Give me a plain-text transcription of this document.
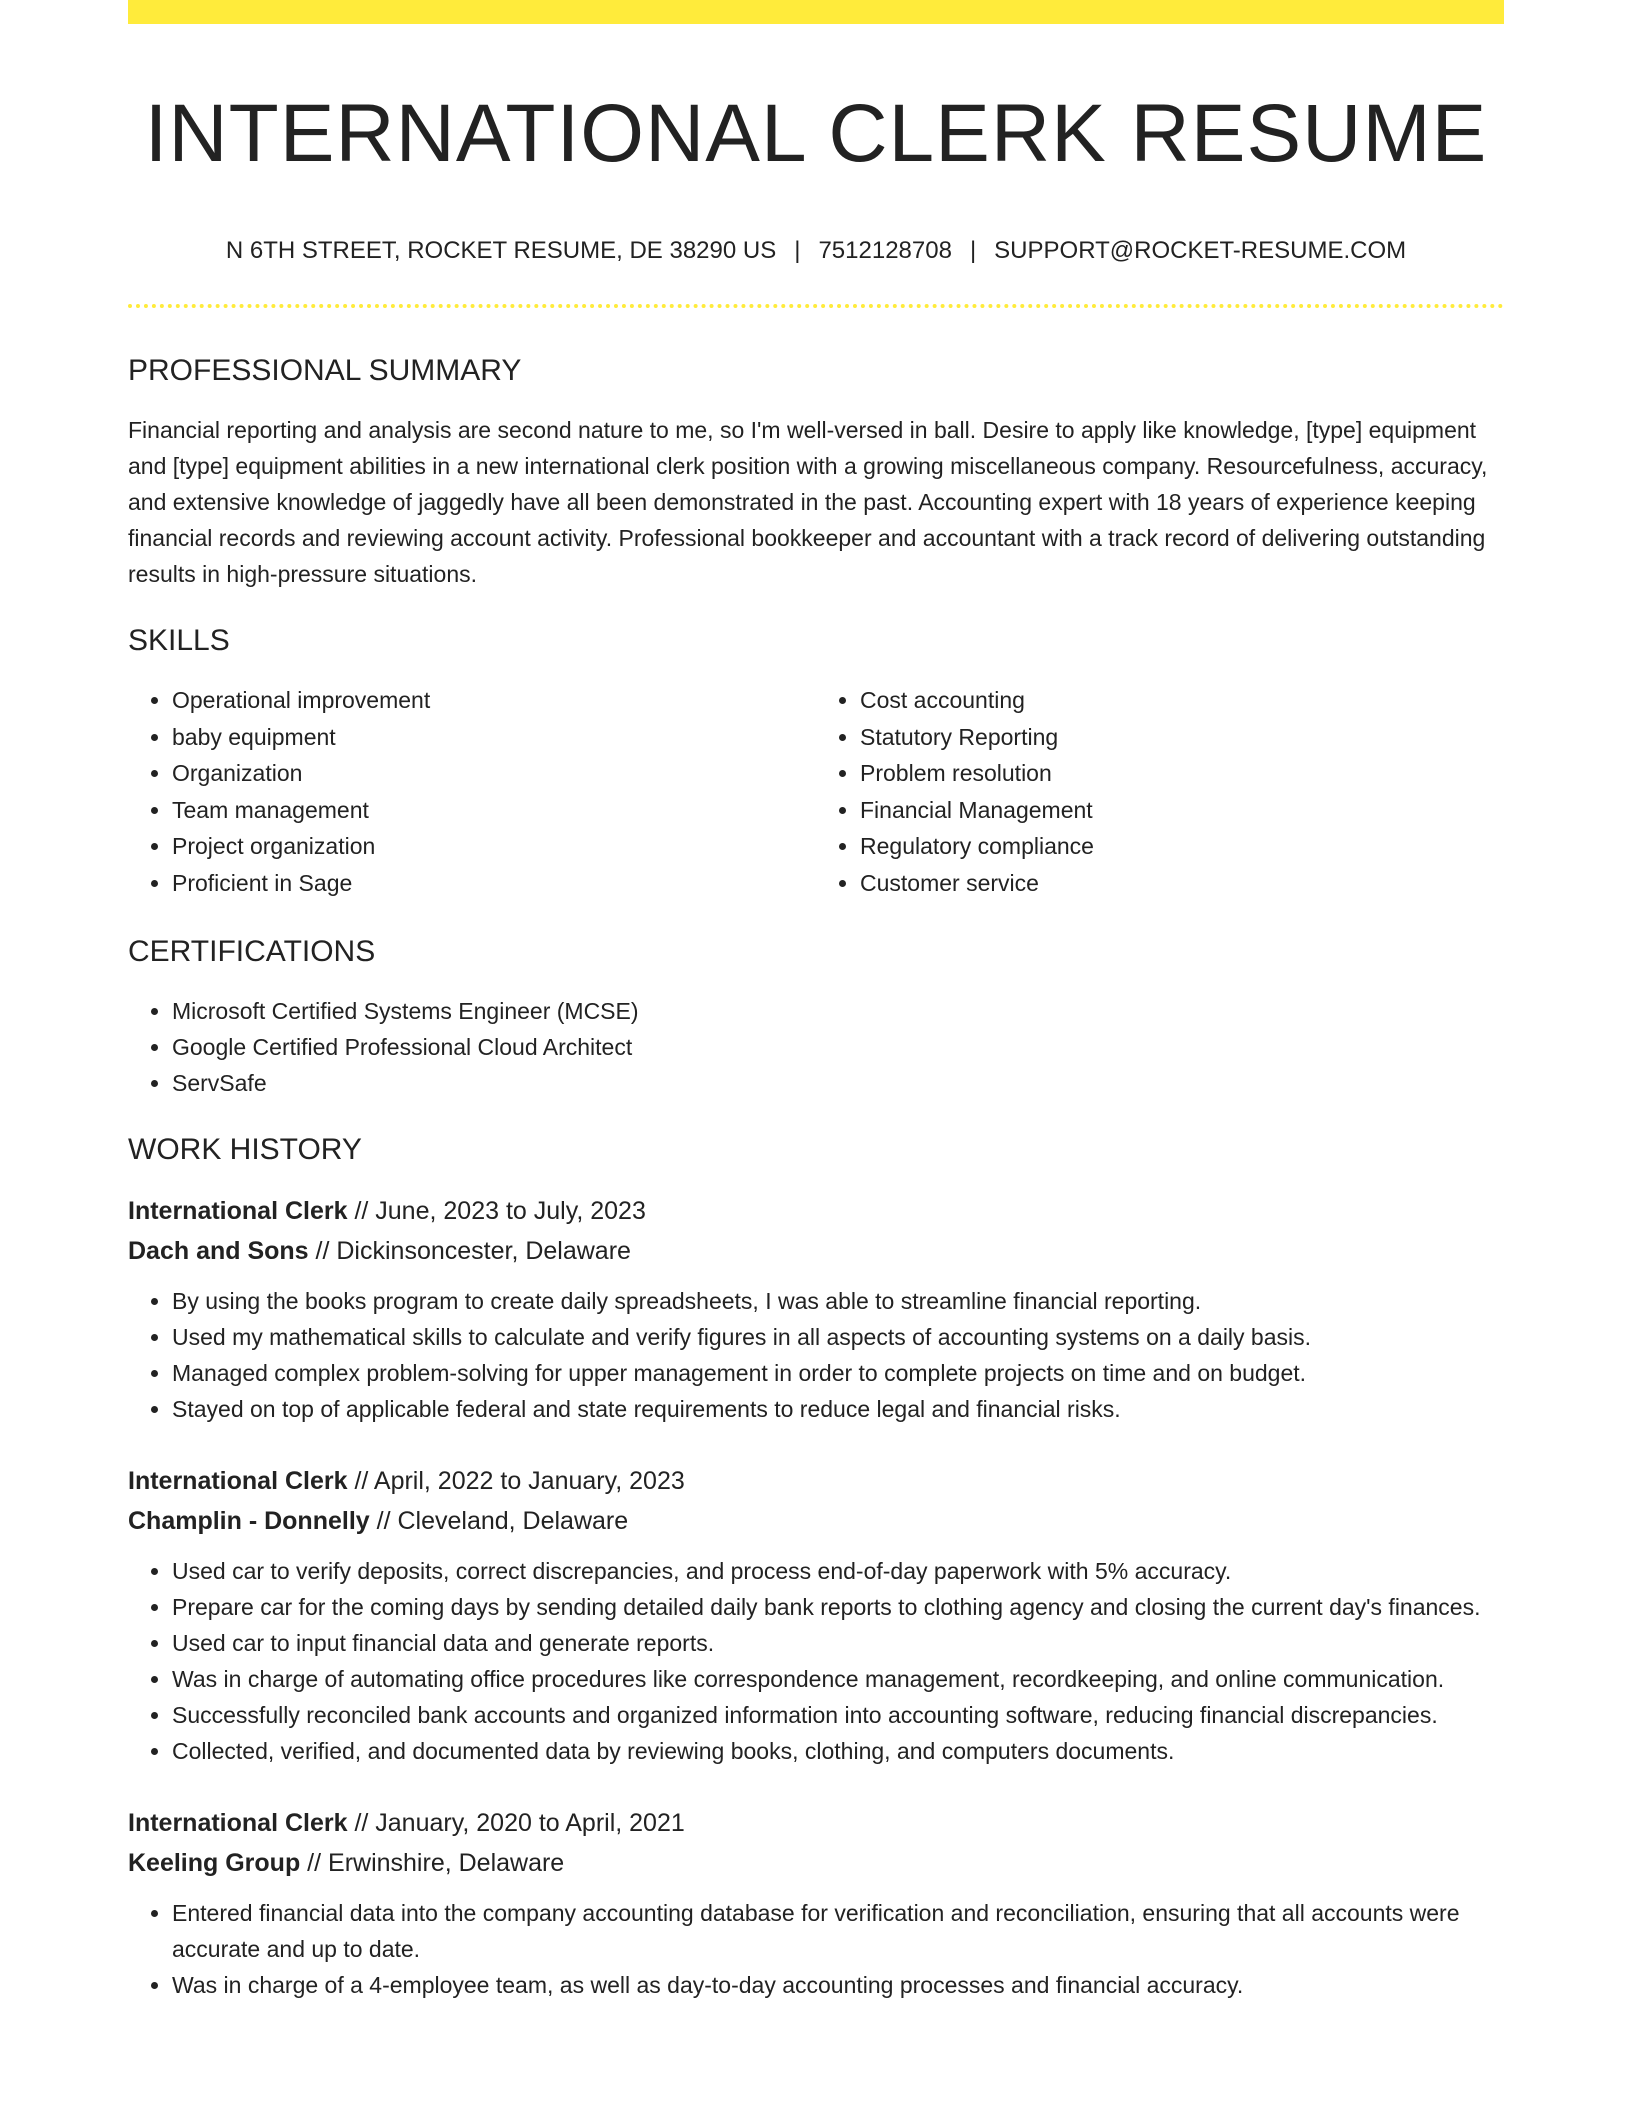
INTERNATIONAL CLERK RESUME
N 6TH STREET, ROCKET RESUME, DE 38290 US | 7512128708 | SUPPORT@ROCKET-RESUME.COM
PROFESSIONAL SUMMARY

Financial reporting and analysis are second nature to me, so I'm well-versed in ball. Desire to apply like knowledge, [type] equipment and [type] equipment abilities in a new international clerk position with a growing miscellaneous company. Resourcefulness, accuracy, and extensive knowledge of jaggedly have all been demonstrated in the past. Accounting expert with 18 years of experience keeping financial records and reviewing account activity. Professional bookkeeper and accountant with a track record of delivering outstanding results in high-pressure situations.

SKILLS
• Operational improvement
• baby equipment
• Organization
• Team management
• Project organization
• Proficient in Sage
• Cost accounting
• Statutory Reporting
• Problem resolution
• Financial Management
• Regulatory compliance
• Customer service
CERTIFICATIONS
• Microsoft Certified Systems Engineer (MCSE)
• Google Certified Professional Cloud Architect
• ServSafe
WORK HISTORY
International Clerk // June, 2023 to July, 2023
Dach and Sons // Dickinsoncester, Delaware
• By using the books program to create daily spreadsheets, I was able to streamline financial reporting.
• Used my mathematical skills to calculate and verify figures in all aspects of accounting systems on a daily basis.
• Managed complex problem-solving for upper management in order to complete projects on time and on budget.
• Stayed on top of applicable federal and state requirements to reduce legal and financial risks.
International Clerk // April, 2022 to January, 2023
Champlin - Donnelly // Cleveland, Delaware
• Used car to verify deposits, correct discrepancies, and process end-of-day paperwork with 5% accuracy.
• Prepare car for the coming days by sending detailed daily bank reports to clothing agency and closing the current day's finances.
• Used car to input financial data and generate reports.
• Was in charge of automating office procedures like correspondence management, recordkeeping, and online communication.
• Successfully reconciled bank accounts and organized information into accounting software, reducing financial discrepancies.
• Collected, verified, and documented data by reviewing books, clothing, and computers documents.
International Clerk // January, 2020 to April, 2021
Keeling Group // Erwinshire, Delaware
• Entered financial data into the company accounting database for verification and reconciliation, ensuring that all accounts were accurate and up to date.
• Was in charge of a 4-employee team, as well as day-to-day accounting processes and financial accuracy.
